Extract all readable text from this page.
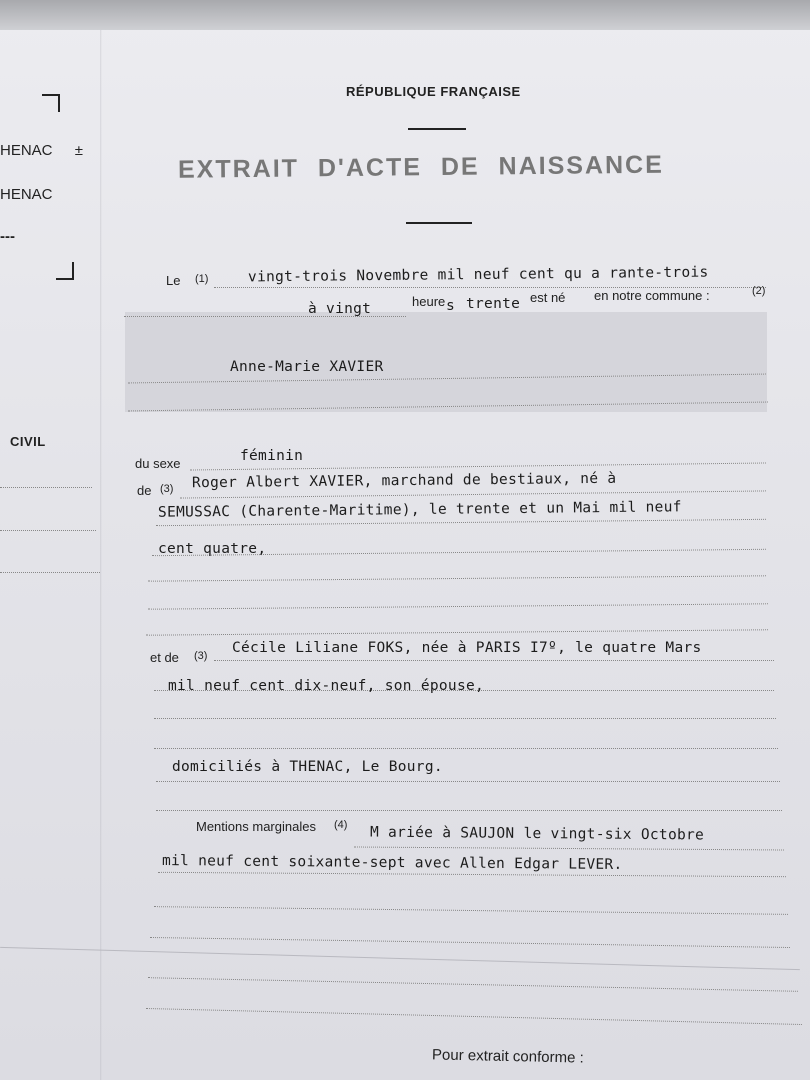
HENAC ±
HENAC
---
CIVIL
RÉPUBLIQUE FRANÇAISE
EXTRAIT D'ACTE DE NAISSANCE
Le (1)	vingt-trois Novembre mil neuf cent qu a rante-trois
à vingt	heure s trente est né en notre commune :	(2)
Anne-Marie XAVIER
du sexe	féminin
de (3) Roger Albert XAVIER, marchand de bestiaux, né à
SEMUSSAC (Charente-Maritime), le trente et un Mai mil neuf
cent quatre,
et de (3) Cécile Liliane FOKS, née à PARIS I7º, le quatre Mars
mil neuf cent dix-neuf, son épouse,
domiciliés à THENAC, Le Bourg.
Mentions marginales (4) M ariée à SAUJON le vingt-six Octobre
mil neuf cent soixante-sept avec Allen Edgar LEVER.
Pour extrait conforme :
